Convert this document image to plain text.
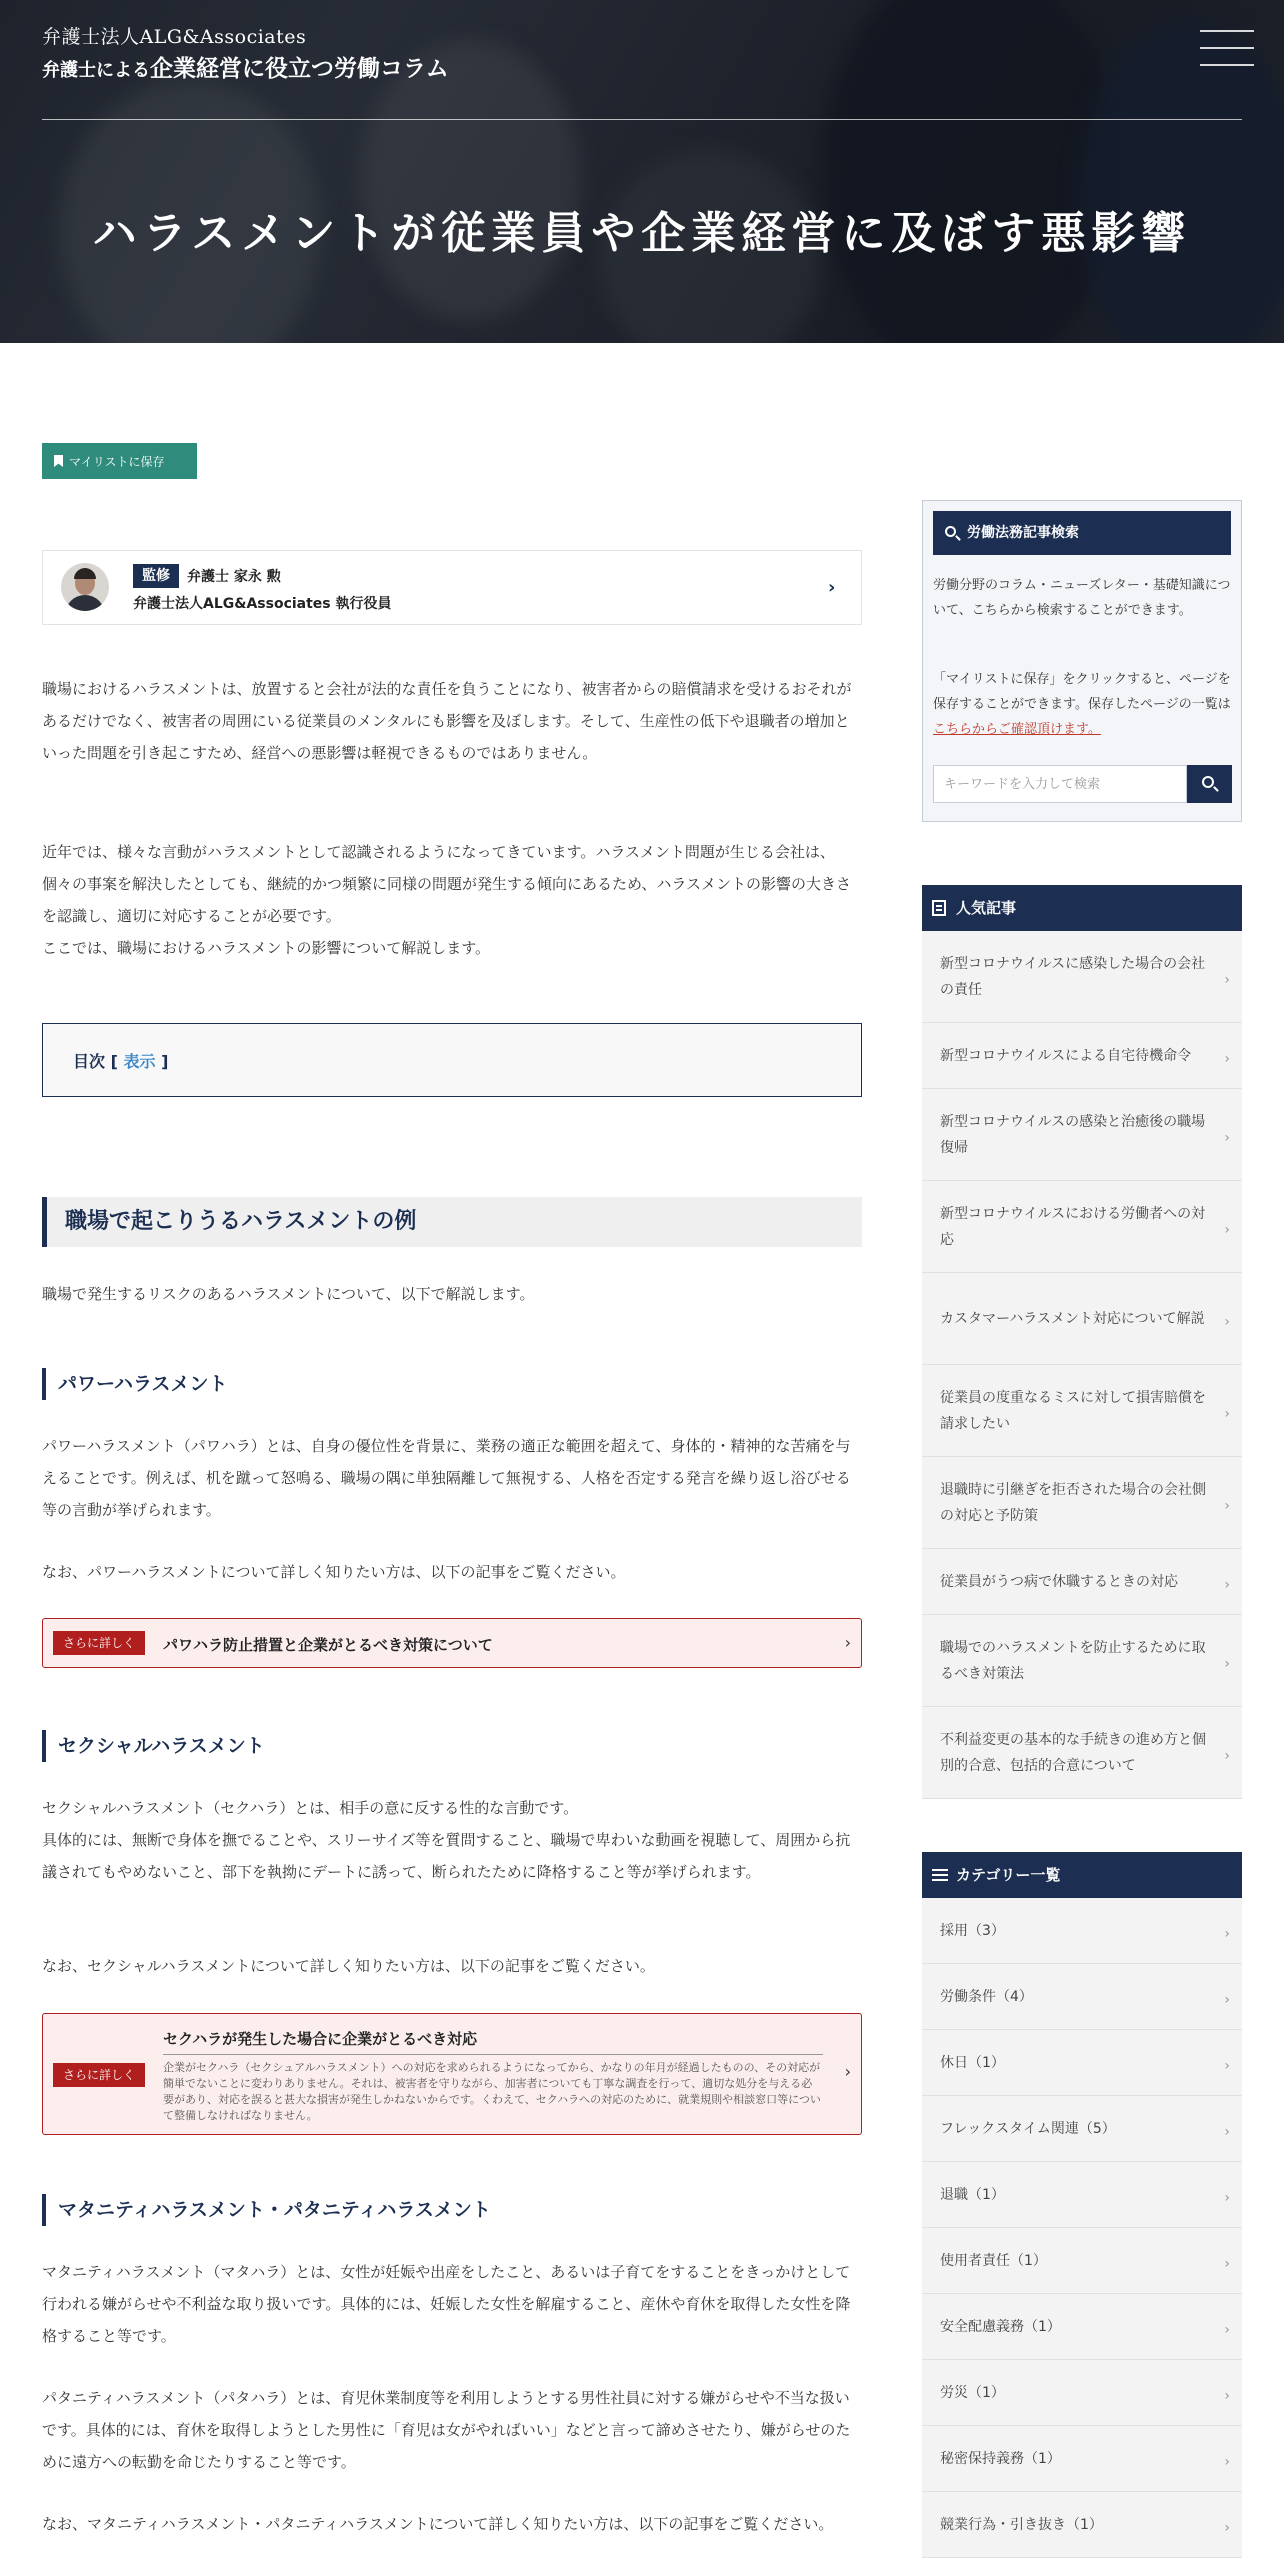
弁護士法人ALG&Associates
弁護士による企業経営に役立つ労働コラム
ハラスメントが従業員や企業経営に及ぼす悪影響
マイリストに保存
監修	弁護士 家永 勲
弁護士法人ALG&Associates 執行役員
›

職場におけるハラスメントは、放置すると会社が法的な責任を負うことになり、被害者からの賠償請求を受けるおそれがあるだけでなく、被害者の周囲にいる従業員のメンタルにも影響を及ぼします。そして、生産性の低下や退職者の増加といった問題を引き起こすため、経営への悪影響は軽視できるものではありません。

近年では、様々な言動がハラスメントとして認識されるようになってきています。ハラスメント問題が生じる会社は、個々の事案を解決したとしても、継続的かつ頻繁に同様の問題が発生する傾向にあるため、ハラスメントの影響の大きさを認識し、適切に対応することが必要です。
ここでは、職場におけるハラスメントの影響について解説します。
目次 [ 表示 ]
職場で起こりうるハラスメントの例

職場で発生するリスクのあるハラスメントについて、以下で解説します。

パワーハラスメント

パワーハラスメント（パワハラ）とは、自身の優位性を背景に、業務の適正な範囲を超えて、身体的・精神的な苦痛を与えることです。例えば、机を蹴って怒鳴る、職場の隅に単独隔離して無視する、人格を否定する発言を繰り返し浴びせる等の言動が挙げられます。

なお、パワーハラスメントについて詳しく知りたい方は、以下の記事をご覧ください。

さらに詳しく	パワハラ防止措置と企業がとるべき対策について	›
セクシャルハラスメント
セクシャルハラスメント（セクハラ）とは、相手の意に反する性的な言動です。
具体的には、無断で身体を撫でることや、スリーサイズ等を質問すること、職場で卑わいな動画を視聴して、周囲から抗議されてもやめないこと、部下を執拗にデートに誘って、断られたために降格すること等が挙げられます。

なお、セクシャルハラスメントについて詳しく知りたい方は、以下の記事をご覧ください。

さらに詳しく
セクハラが発生した場合に企業がとるべき対応
企業がセクハラ（セクシュアルハラスメント）への対応を求められるようになってから、かなりの年月が経過したものの、その対応が簡単でないことに変わりありません。それは、被害者を守りながら、加害者についても丁寧な調査を行って、適切な処分を与える必要があり、対応を誤ると甚大な損害が発生しかねないからです。くわえて、セクハラへの対応のために、就業規則や相談窓口等について整備しなければなりません。
›
マタニティハラスメント・パタニティハラスメント

マタニティハラスメント（マタハラ）とは、女性が妊娠や出産をしたこと、あるいは子育てをすることをきっかけとして行われる嫌がらせや不利益な取り扱いです。具体的には、妊娠した女性を解雇すること、産休や育休を取得した女性を降格すること等です。

パタニティハラスメント（パタハラ）とは、育児休業制度等を利用しようとする男性社員に対する嫌がらせや不当な扱いです。具体的には、育休を取得しようとした男性に「育児は女がやればいい」などと言って諦めさせたり、嫌がらせのために遠方への転勤を命じたりすること等です。

なお、マタニティハラスメント・パタニティハラスメントについて詳しく知りたい方は、以下の記事をご覧ください。

労働法務記事検索

労働分野のコラム・ニューズレター・基礎知識について、こちらから検索することができます。

「マイリストに保存」をクリックすると、ページを保存することができます。保存したページの一覧はこちらからご確認頂けます。

キーワードを入力して検索
人気記事
新型コロナウイルスに感染した場合の会社の責任
›
新型コロナウイルスによる自宅待機命令 ›
新型コロナウイルスの感染と治癒後の職場復帰
›
新型コロナウイルスにおける労働者への対応
›
カスタマーハラスメント対応について解説 ›
従業員の度重なるミスに対して損害賠償を請求したい
›
退職時に引継ぎを拒否された場合の会社側の対応と予防策
›
従業員がうつ病で休職するときの対応	›
職場でのハラスメントを防止するために取るべき対策法
›
不利益変更の基本的な手続きの進め方と個別的合意、包括的合意について
›
カテゴリー一覧
採用（3）	›
労働条件（4）	›
休日（1）	›
フレックスタイム関連（5）	›
退職（1）	›
使用者責任（1）	›
安全配慮義務（1）	›
労災（1）	›
秘密保持義務（1）	›
競業行為・引き抜き（1）	›
